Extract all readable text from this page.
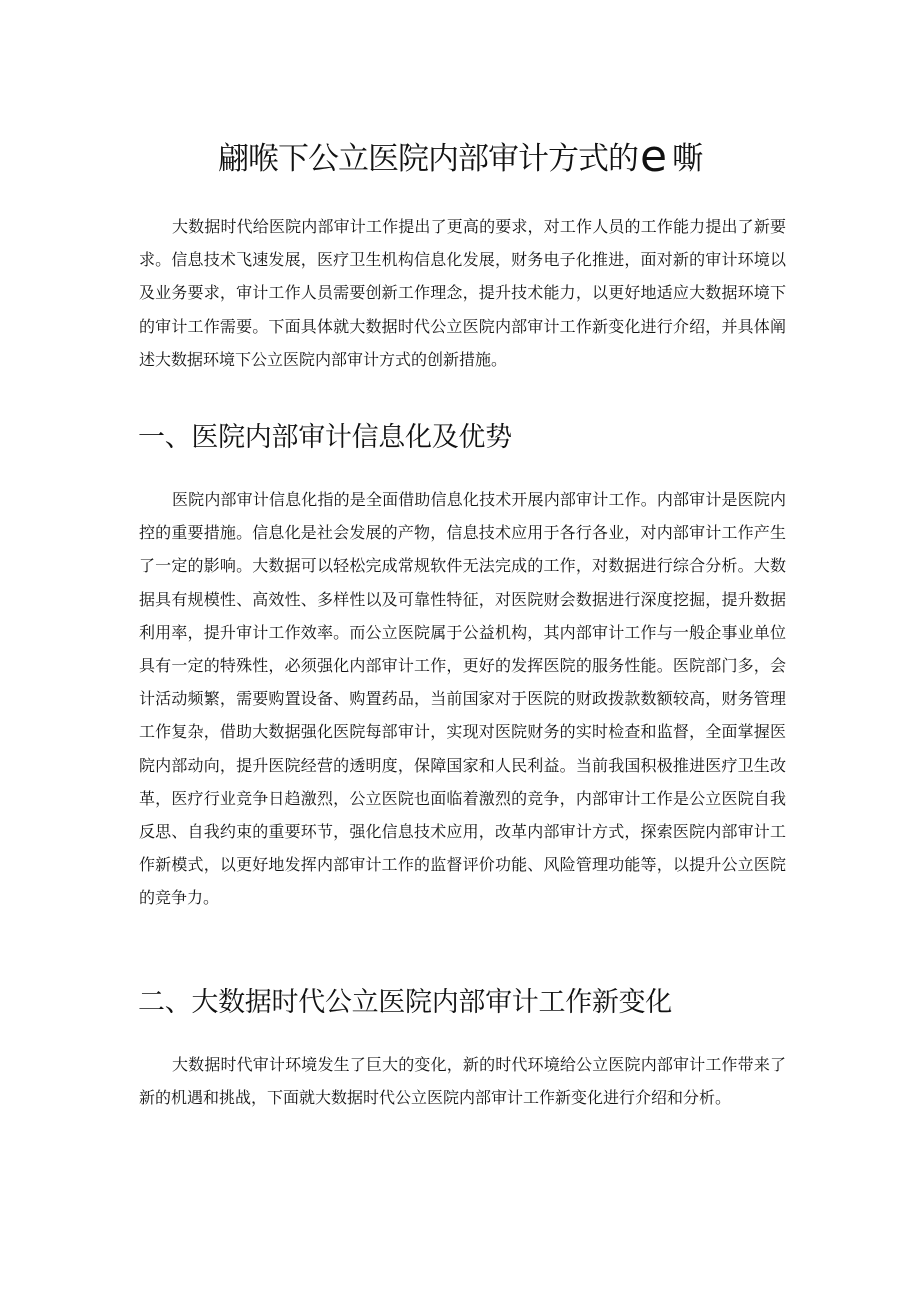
翩喉下公立医院内部审计方式的e 嘶

大数据时代给医院内部审计工作提出了更高的要求，对工作人员的工作能力提出了新要求。信息技术飞速发展，医疗卫生机构信息化发展，财务电子化推进，面对新的审计环境以及业务要求，审计工作人员需要创新工作理念，提升技术能力，以更好地适应大数据环境下的审计工作需要。下面具体就大数据时代公立医院内部审计工作新变化进行介绍，并具体阐述大数据环境下公立医院内部审计方式的创新措施。

一、医院内部审计信息化及优势

医院内部审计信息化指的是全面借助信息化技术开展内部审计工作。内部审计是医院内控的重要措施。信息化是社会发展的产物，信息技术应用于各行各业，对内部审计工作产生了一定的影响。大数据可以轻松完成常规软件无法完成的工作，对数据进行综合分析。大数据具有规模性、高效性、多样性以及可靠性特征，对医院财会数据进行深度挖掘，提升数据利用率，提升审计工作效率。而公立医院属于公益机构，其内部审计工作与一般企事业单位具有一定的特殊性，必须强化内部审计工作，更好的发挥医院的服务性能。医院部门多，会计活动频繁，需要购置设备、购置药品，当前国家对于医院的财政拨款数额较高，财务管理工作复杂，借助大数据强化医院每部审计，实现对医院财务的实时检查和监督，全面掌握医院内部动向，提升医院经营的透明度，保障国家和人民利益。当前我国积极推进医疗卫生改革，医疗行业竞争日趋激烈，公立医院也面临着激烈的竞争，内部审计工作是公立医院自我反思、自我约束的重要环节，强化信息技术应用，改革内部审计方式，探索医院内部审计工作新模式，以更好地发挥内部审计工作的监督评价功能、风险管理功能等，以提升公立医院的竞争力。

二、大数据时代公立医院内部审计工作新变化

大数据时代审计环境发生了巨大的变化，新的时代环境给公立医院内部审计工作带来了新的机遇和挑战，下面就大数据时代公立医院内部审计工作新变化进行介绍和分析。
